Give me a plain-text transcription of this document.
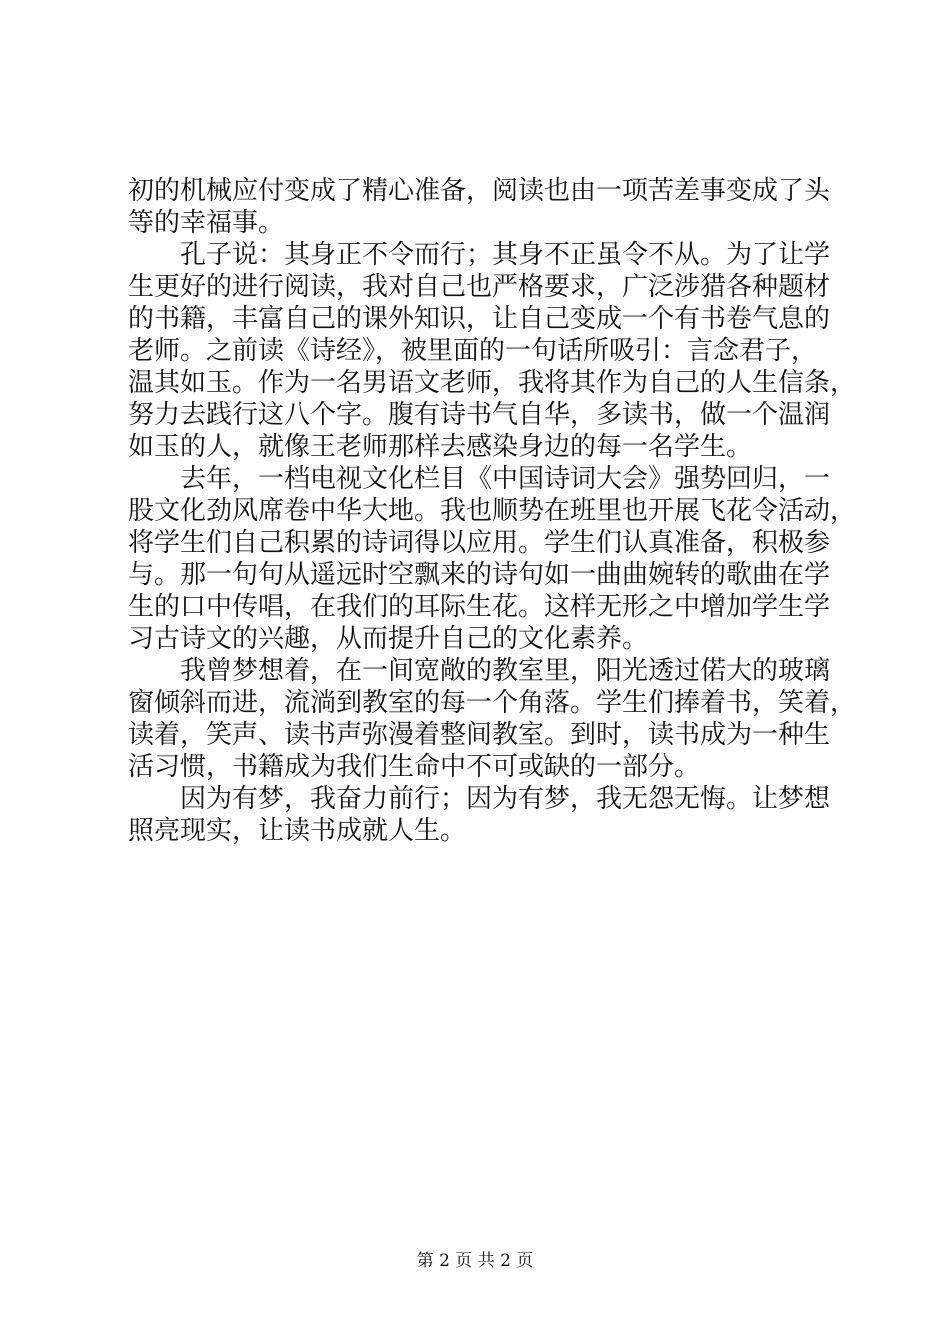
初的机械应付变成了精心准备，阅读也由一项苦差事变成了头
等的幸福事。
孔子说：其身正不令而行；其身不正虽令不从。为了让学
生更好的进行阅读，我对自己也严格要求，广泛涉猎各种题材
的书籍，丰富自己的课外知识，让自己变成一个有书卷气息的
老师。之前读《诗经》，被里面的一句话所吸引：言念君子，
温其如玉。作为一名男语文老师，我将其作为自己的人生信条，
努力去践行这八个字。腹有诗书气自华，多读书，做一个温润
如玉的人，就像王老师那样去感染身边的每一名学生。
去年，一档电视文化栏目《中国诗词大会》强势回归，一
股文化劲风席卷中华大地。我也顺势在班里也开展飞花令活动，
将学生们自己积累的诗词得以应用。学生们认真准备，积极参
与。那一句句从遥远时空飘来的诗句如一曲曲婉转的歌曲在学
生的口中传唱，在我们的耳际生花。这样无形之中增加学生学
习古诗文的兴趣，从而提升自己的文化素养。
我曾梦想着，在一间宽敞的教室里，阳光透过偌大的玻璃
窗倾斜而进，流淌到教室的每一个角落。学生们捧着书，笑着，
读着，笑声、读书声弥漫着整间教室。到时，读书成为一种生
活习惯，书籍成为我们生命中不可或缺的一部分。
因为有梦，我奋力前行；因为有梦，我无怨无悔。让梦想
照亮现实，让读书成就人生。
第 2 页 共 2 页
